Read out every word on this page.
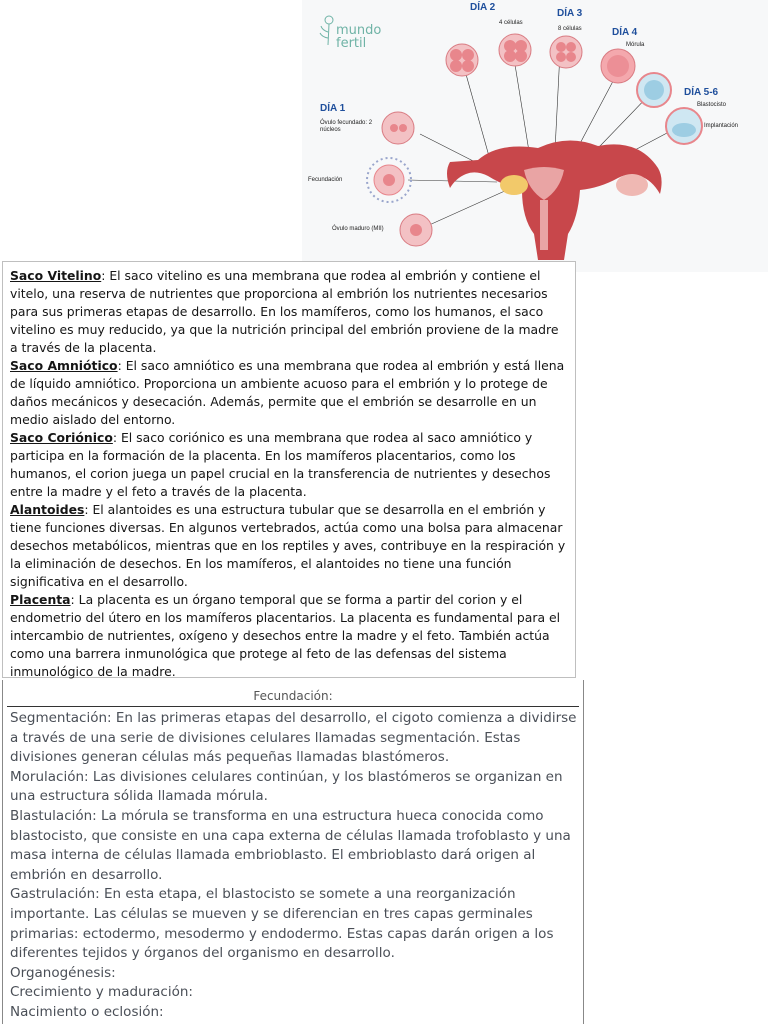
mundo
fertil
DÍA 1
Óvulo fecundado: 2 núcleos
DÍA 2
4 células
DÍA 3
8 células	DÍA 4
Mórula
DÍA 5-6
Blastocisto
Implantación
Fecundación
Óvulo maduro (MII)

Saco Vitelino: El saco vitelino es una membrana que rodea al embrión y contiene el vitelo, una reserva de nutrientes que proporciona al embrión los nutrientes necesarios para sus primeras etapas de desarrollo. En los mamíferos, como los humanos, el saco vitelino es muy reducido, ya que la nutrición principal del embrión proviene de la madre a través de la placenta.

Saco Amniótico: El saco amniótico es una membrana que rodea al embrión y está llena de líquido amniótico. Proporciona un ambiente acuoso para el embrión y lo protege de daños mecánicos y desecación. Además, permite que el embrión se desarrolle en un medio aislado del entorno.

Saco Coriónico: El saco coriónico es una membrana que rodea al saco amniótico y participa en la formación de la placenta. En los mamíferos placentarios, como los humanos, el corion juega un papel crucial en la transferencia de nutrientes y desechos entre la madre y el feto a través de la placenta.

Alantoides: El alantoides es una estructura tubular que se desarrolla en el embrión y tiene funciones diversas. En algunos vertebrados, actúa como una bolsa para almacenar desechos metabólicos, mientras que en los reptiles y aves, contribuye en la respiración y la eliminación de desechos. En los mamíferos, el alantoides no tiene una función significativa en el desarrollo.

Placenta: La placenta es un órgano temporal que se forma a partir del corion y el endometrio del útero en los mamíferos placentarios. La placenta es fundamental para el intercambio de nutrientes, oxígeno y desechos entre la madre y el feto. También actúa como una barrera inmunológica que protege al feto de las defensas del sistema inmunológico de la madre.

Fecundación:

Segmentación: En las primeras etapas del desarrollo, el cigoto comienza a dividirse a través de una serie de divisiones celulares llamadas segmentación. Estas divisiones generan células más pequeñas llamadas blastómeros.

Morulación: Las divisiones celulares continúan, y los blastómeros se organizan en una estructura sólida llamada mórula.

Blastulación: La mórula se transforma en una estructura hueca conocida como blastocisto, que consiste en una capa externa de células llamada trofoblasto y una masa interna de células llamada embrioblasto. El embrioblasto dará origen al embrión en desarrollo.

Gastrulación: En esta etapa, el blastocisto se somete a una reorganización importante. Las células se mueven y se diferencian en tres capas germinales primarias: ectodermo, mesodermo y endodermo. Estas capas darán origen a los diferentes tejidos y órganos del organismo en desarrollo.

Organogénesis:

Crecimiento y maduración:

Nacimiento o eclosión:
